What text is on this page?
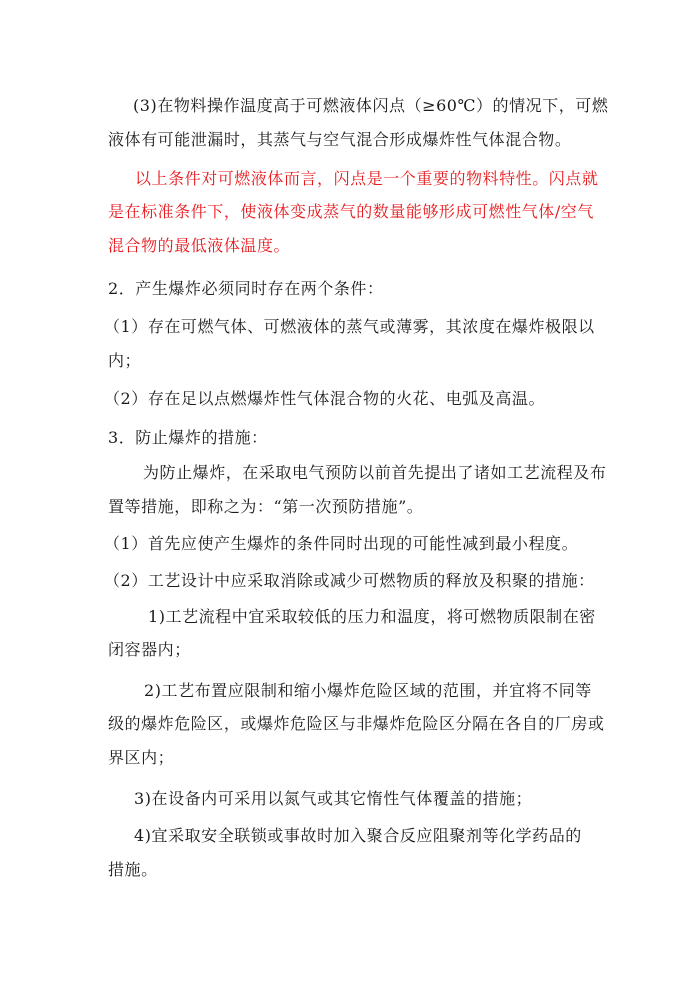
(3)在物料操作温度高于可燃液体闪点（≥60℃）的情况下，可燃
液体有可能泄漏时，其蒸气与空气混合形成爆炸性气体混合物。
以上条件对可燃液体而言，闪点是一个重要的物料特性。闪点就
是在标准条件下，使液体变成蒸气的数量能够形成可燃性气体/空气
混合物的最低液体温度。
2．产生爆炸必须同时存在两个条件：
（1）存在可燃气体、可燃液体的蒸气或薄雾，其浓度在爆炸极限以
内；
（2）存在足以点燃爆炸性气体混合物的火花、电弧及高温。
3．防止爆炸的措施：
为防止爆炸，在采取电气预防以前首先提出了诸如工艺流程及布
置等措施，即称之为：“第一次预防措施”。
（1）首先应使产生爆炸的条件同时出现的可能性减到最小程度。
（2）工艺设计中应采取消除或减少可燃物质的释放及积聚的措施：
1)工艺流程中宜采取较低的压力和温度，将可燃物质限制在密
闭容器内；
2)工艺布置应限制和缩小爆炸危险区域的范围，并宜将不同等
级的爆炸危险区，或爆炸危险区与非爆炸危险区分隔在各自的厂房或
界区内；
3)在设备内可采用以氮气或其它惰性气体覆盖的措施；
4)宜采取安全联锁或事故时加入聚合反应阻聚剂等化学药品的
措施。
